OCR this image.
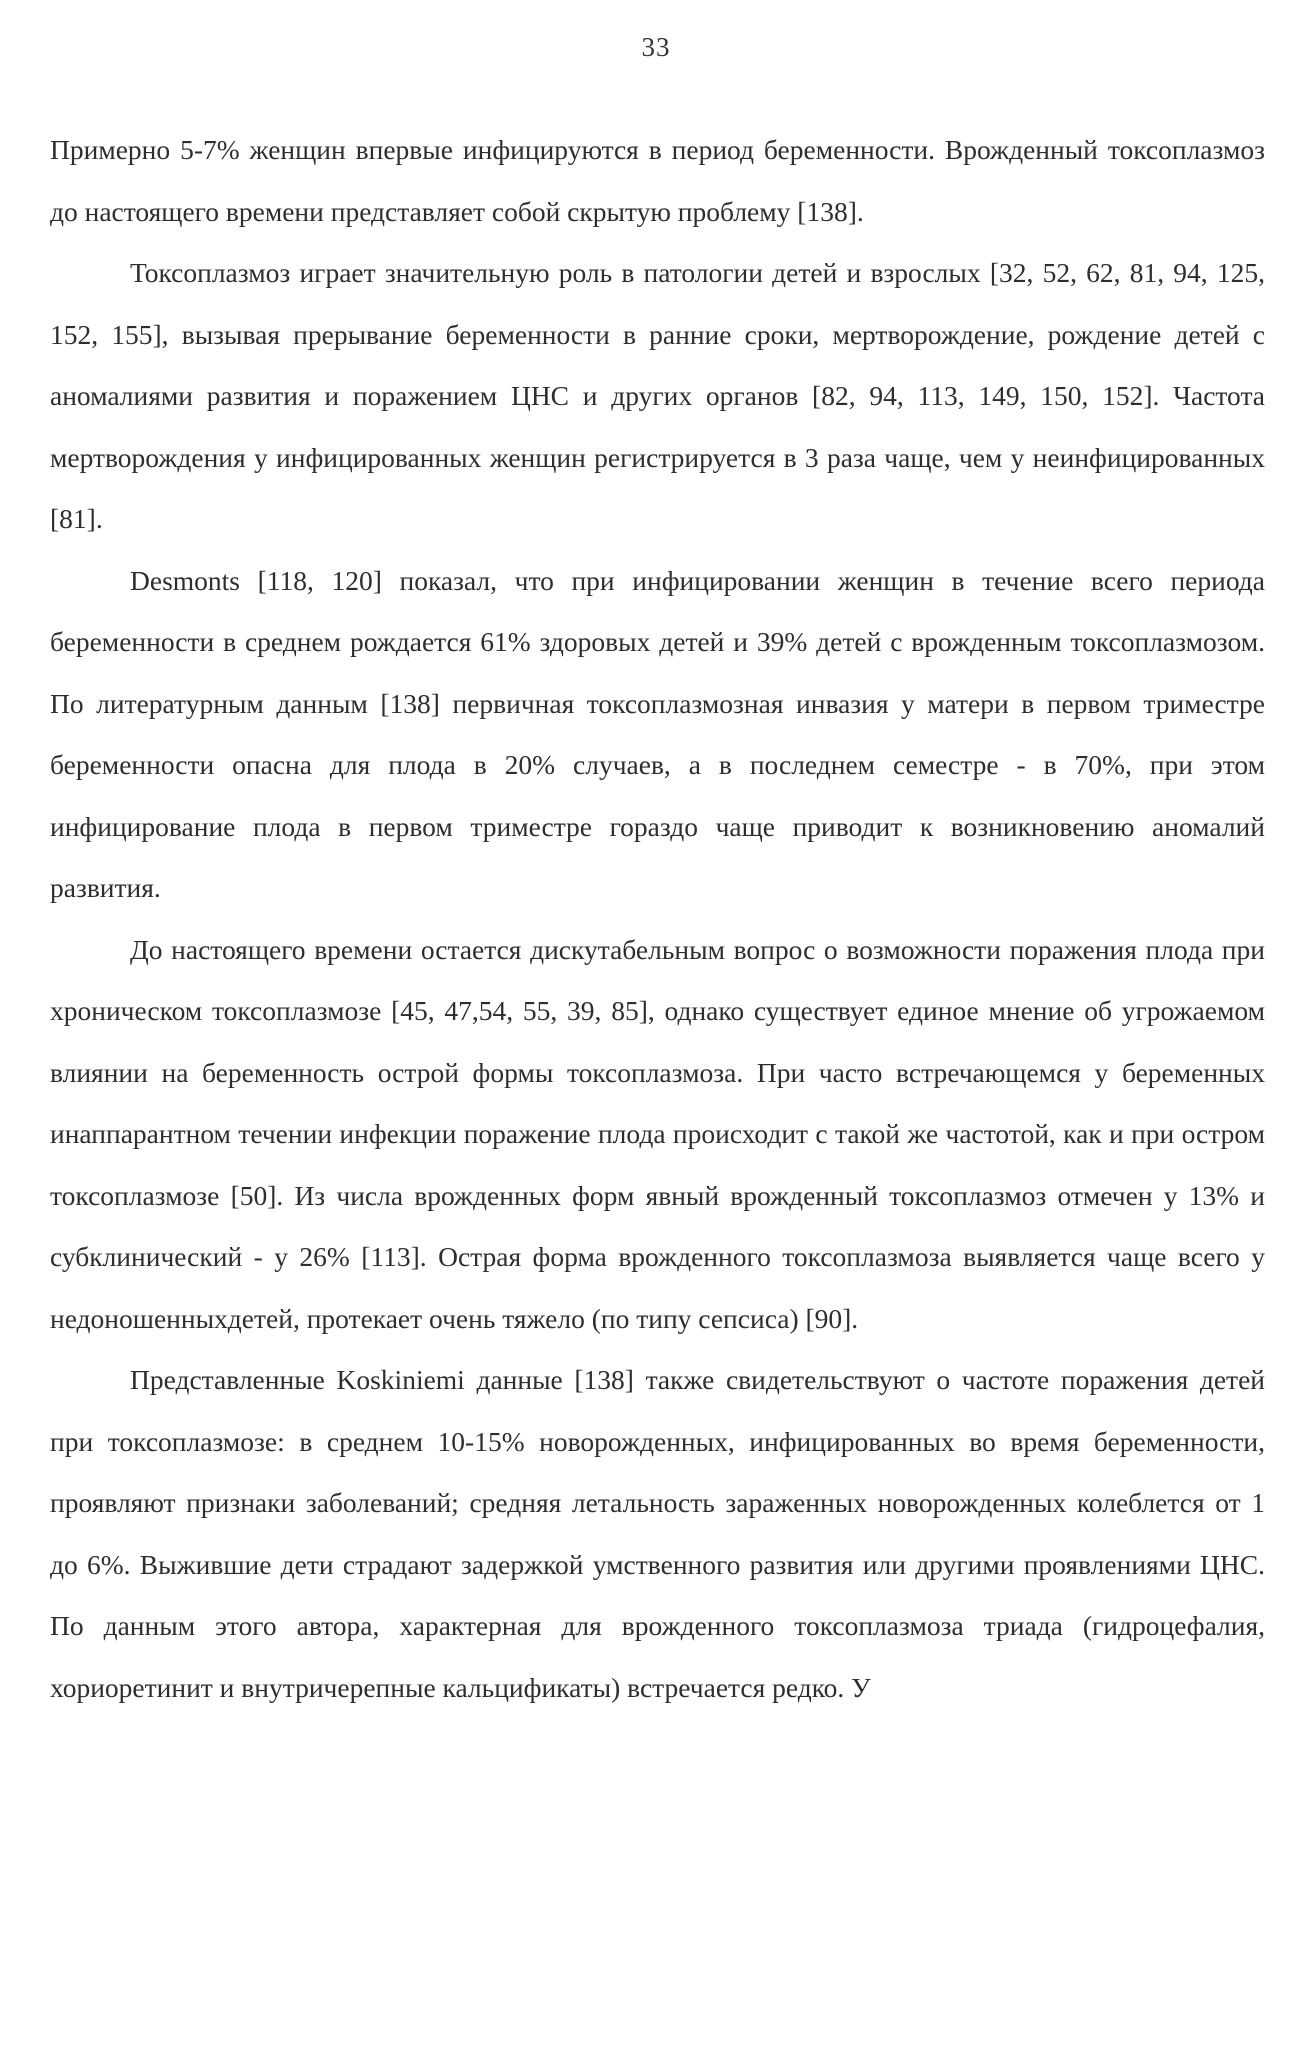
33

Примерно 5-7% женщин впервые инфицируются в период беременности. Врожденный токсоплазмоз до настоящего времени представляет собой скрытую проблему [138].

Токсоплазмоз играет значительную роль в патологии детей и взрослых [32, 52, 62, 81, 94, 125, 152, 155], вызывая прерывание беременности в ранние сроки, мертворождение, рождение детей с аномалиями развития и поражением ЦНС и других органов [82, 94, 113, 149, 150, 152]. Частота мертворождения у инфицированных женщин регистрируется в 3 раза чаще, чем у неинфицированных [81].

Desmonts [118, 120] показал, что при инфицировании женщин в течение всего периода беременности в среднем рождается 61% здоровых детей и 39% детей с врожденным токсоплазмозом. По литературным данным [138] первичная токсоплазмозная инвазия у матери в первом триместре беременности опасна для плода в 20% случаев, а в последнем семестре - в 70%, при этом инфицирование плода в первом триместре гораздо чаще приводит к возникновению аномалий развития.

До настоящего времени остается дискутабельным вопрос о возможности поражения плода при хроническом токсоплазмозе [45, 47,54, 55, 39, 85], однако существует единое мнение об угрожаемом влиянии на беременность острой формы токсоплазмоза. При часто встречающемся у беременных инаппарантном течении инфекции поражение плода происходит с такой же частотой, как и при остром токсоплазмозе [50]. Из числа врожденных форм явный врожденный токсоплазмоз отмечен у 13% и субклинический - у 26% [113]. Острая форма врожденного токсоплазмоза выявляется чаще всего у недоношенныхдетей, протекает очень тяжело (по типу сепсиса) [90].

Представленные Koskiniemi данные [138] также свидетельствуют о частоте поражения детей при токсоплазмозе: в среднем 10-15% новорожденных, инфицированных во время беременности, проявляют признаки заболеваний; средняя летальность зараженных новорожденных колеблется от 1 до 6%. Выжившие дети страдают задержкой умственного развития или другими проявлениями ЦНС. По данным этого автора, характерная для врожденного токсоплазмоза триада (гидроцефалия, хориоретинит и внутричерепные кальцификаты) встречается редко. У
